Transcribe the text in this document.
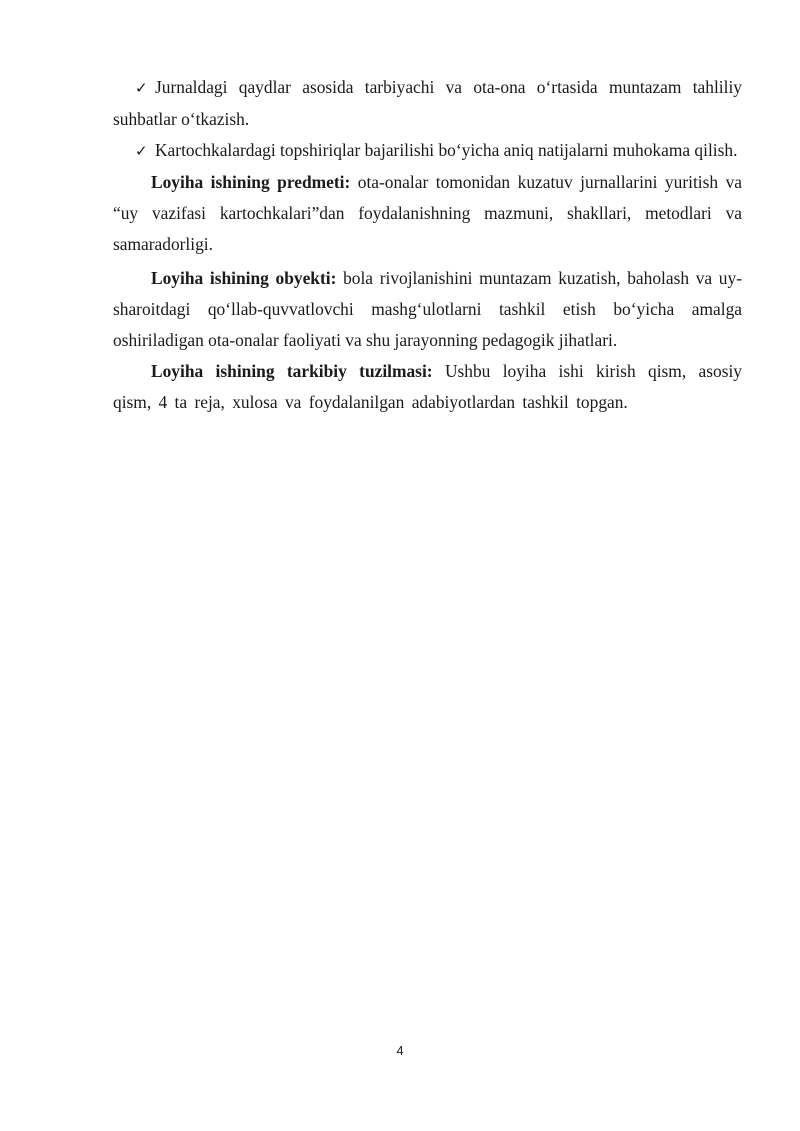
✓ Jurnaldagi qaydlar asosida tarbiyachi va ota-ona o‘rtasida muntazam tahliliy suhbatlar o‘tkazish.

✓ Kartochkalardagi topshiriqlar bajarilishi bo‘yicha aniq natijalarni muhokama qilish.

Loyiha ishining predmeti: ota-onalar tomonidan kuzatuv jurnallarini yuritish va “uy vazifasi kartochkalari”dan foydalanishning mazmuni, shakllari, metodlari va samaradorligi.

Loyiha ishining obyekti: bola rivojlanishini muntazam kuzatish, baholash va uy-sharoitdagi qo‘llab-quvvatlovchi mashg‘ulotlarni tashkil etish bo‘yicha amalga oshiriladigan ota-onalar faoliyati va shu jarayonning pedagogik jihatlari.

Loyiha ishining tarkibiy tuzilmasi: Ushbu loyiha ishi kirish qism, asosiy qism, 4 ta reja, xulosa va foydalanilgan adabiyotlardan tashkil topgan.

4
